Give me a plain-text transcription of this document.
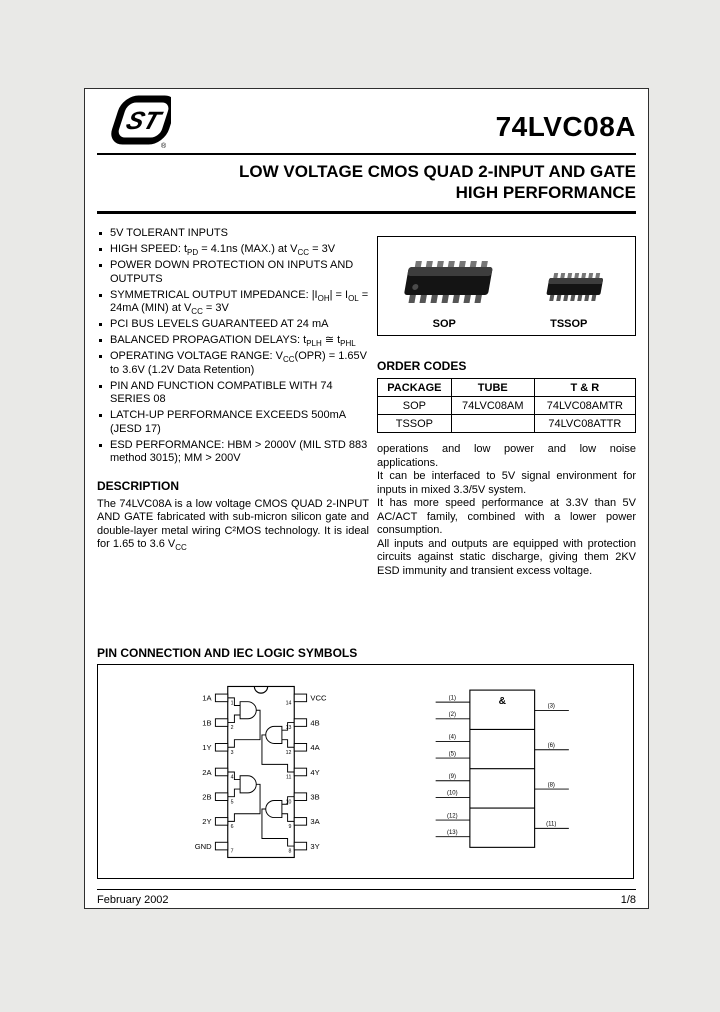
ST
®
74LVC08A
LOW VOLTAGE CMOS QUAD 2-INPUT AND GATE
HIGH PERFORMANCE
5V TOLERANT INPUTS
HIGH SPEED: $t_{PD} = 4.1ns$ (MAX.) at $V_{CC} = 3V$
POWER DOWN PROTECTION ON INPUTS AND OUTPUTS
SYMMETRICAL OUTPUT IMPEDANCE: $|I_{OH}| = I_{OL} = 24mA$ (MIN) at $V_{CC} = 3V$
PCI BUS LEVELS GUARANTEED AT 24 mA
BALANCED PROPAGATION DELAYS: $t_{PLH}$ ≅ $t_{PHL}$
OPERATING VOLTAGE RANGE: $V_{CC}(OPR) = 1.65V$ to 3.6V (1.2V Data Retention)
PIN AND FUNCTION COMPATIBLE WITH 74 SERIES 08
LATCH-UP PERFORMANCE EXCEEDS 500mA (JESD 17)
ESD PERFORMANCE: HBM > 2000V (MIL STD 883 method 3015); MM > 200V
DESCRIPTION

The 74LVC08A is a low voltage CMOS QUAD 2-INPUT AND GATE fabricated with sub-micron silicon gate and double-layer metal wiring C²MOS technology. It is ideal for 1.65 to 3.6 $V_{CC}$

SOP	TSSOP
ORDER CODES
PACKAGE	TUBE	T & R
SOP	74LVC08AM	74LVC08AMTR
TSSOP		74LVC08ATTR

operations and low power and low noise applications.

It can be interfaced to 5V signal environment for inputs in mixed 3.3/5V system.

It has more speed performance at 3.3V than 5V AC/ACT family, combined with a lower power consumption.

All inputs and outputs are equipped with protection circuits against static discharge, giving them 2KV ESD immunity and transient excess voltage.

PIN CONNECTION AND IEC LOGIC SYMBOLS
1A
1B
1Y
2A
2B
2Y
GND
VCC
4B
4A
4Y
3B
3A
3Y
1
2
3
4
5
6
7
14
13
12
11
10
9
8
&
(1)
(2)
(3)
(4)
(5)
(6)
(9)
(10)
(8)
(12)
(13)
(11)
February 2002	1/8
